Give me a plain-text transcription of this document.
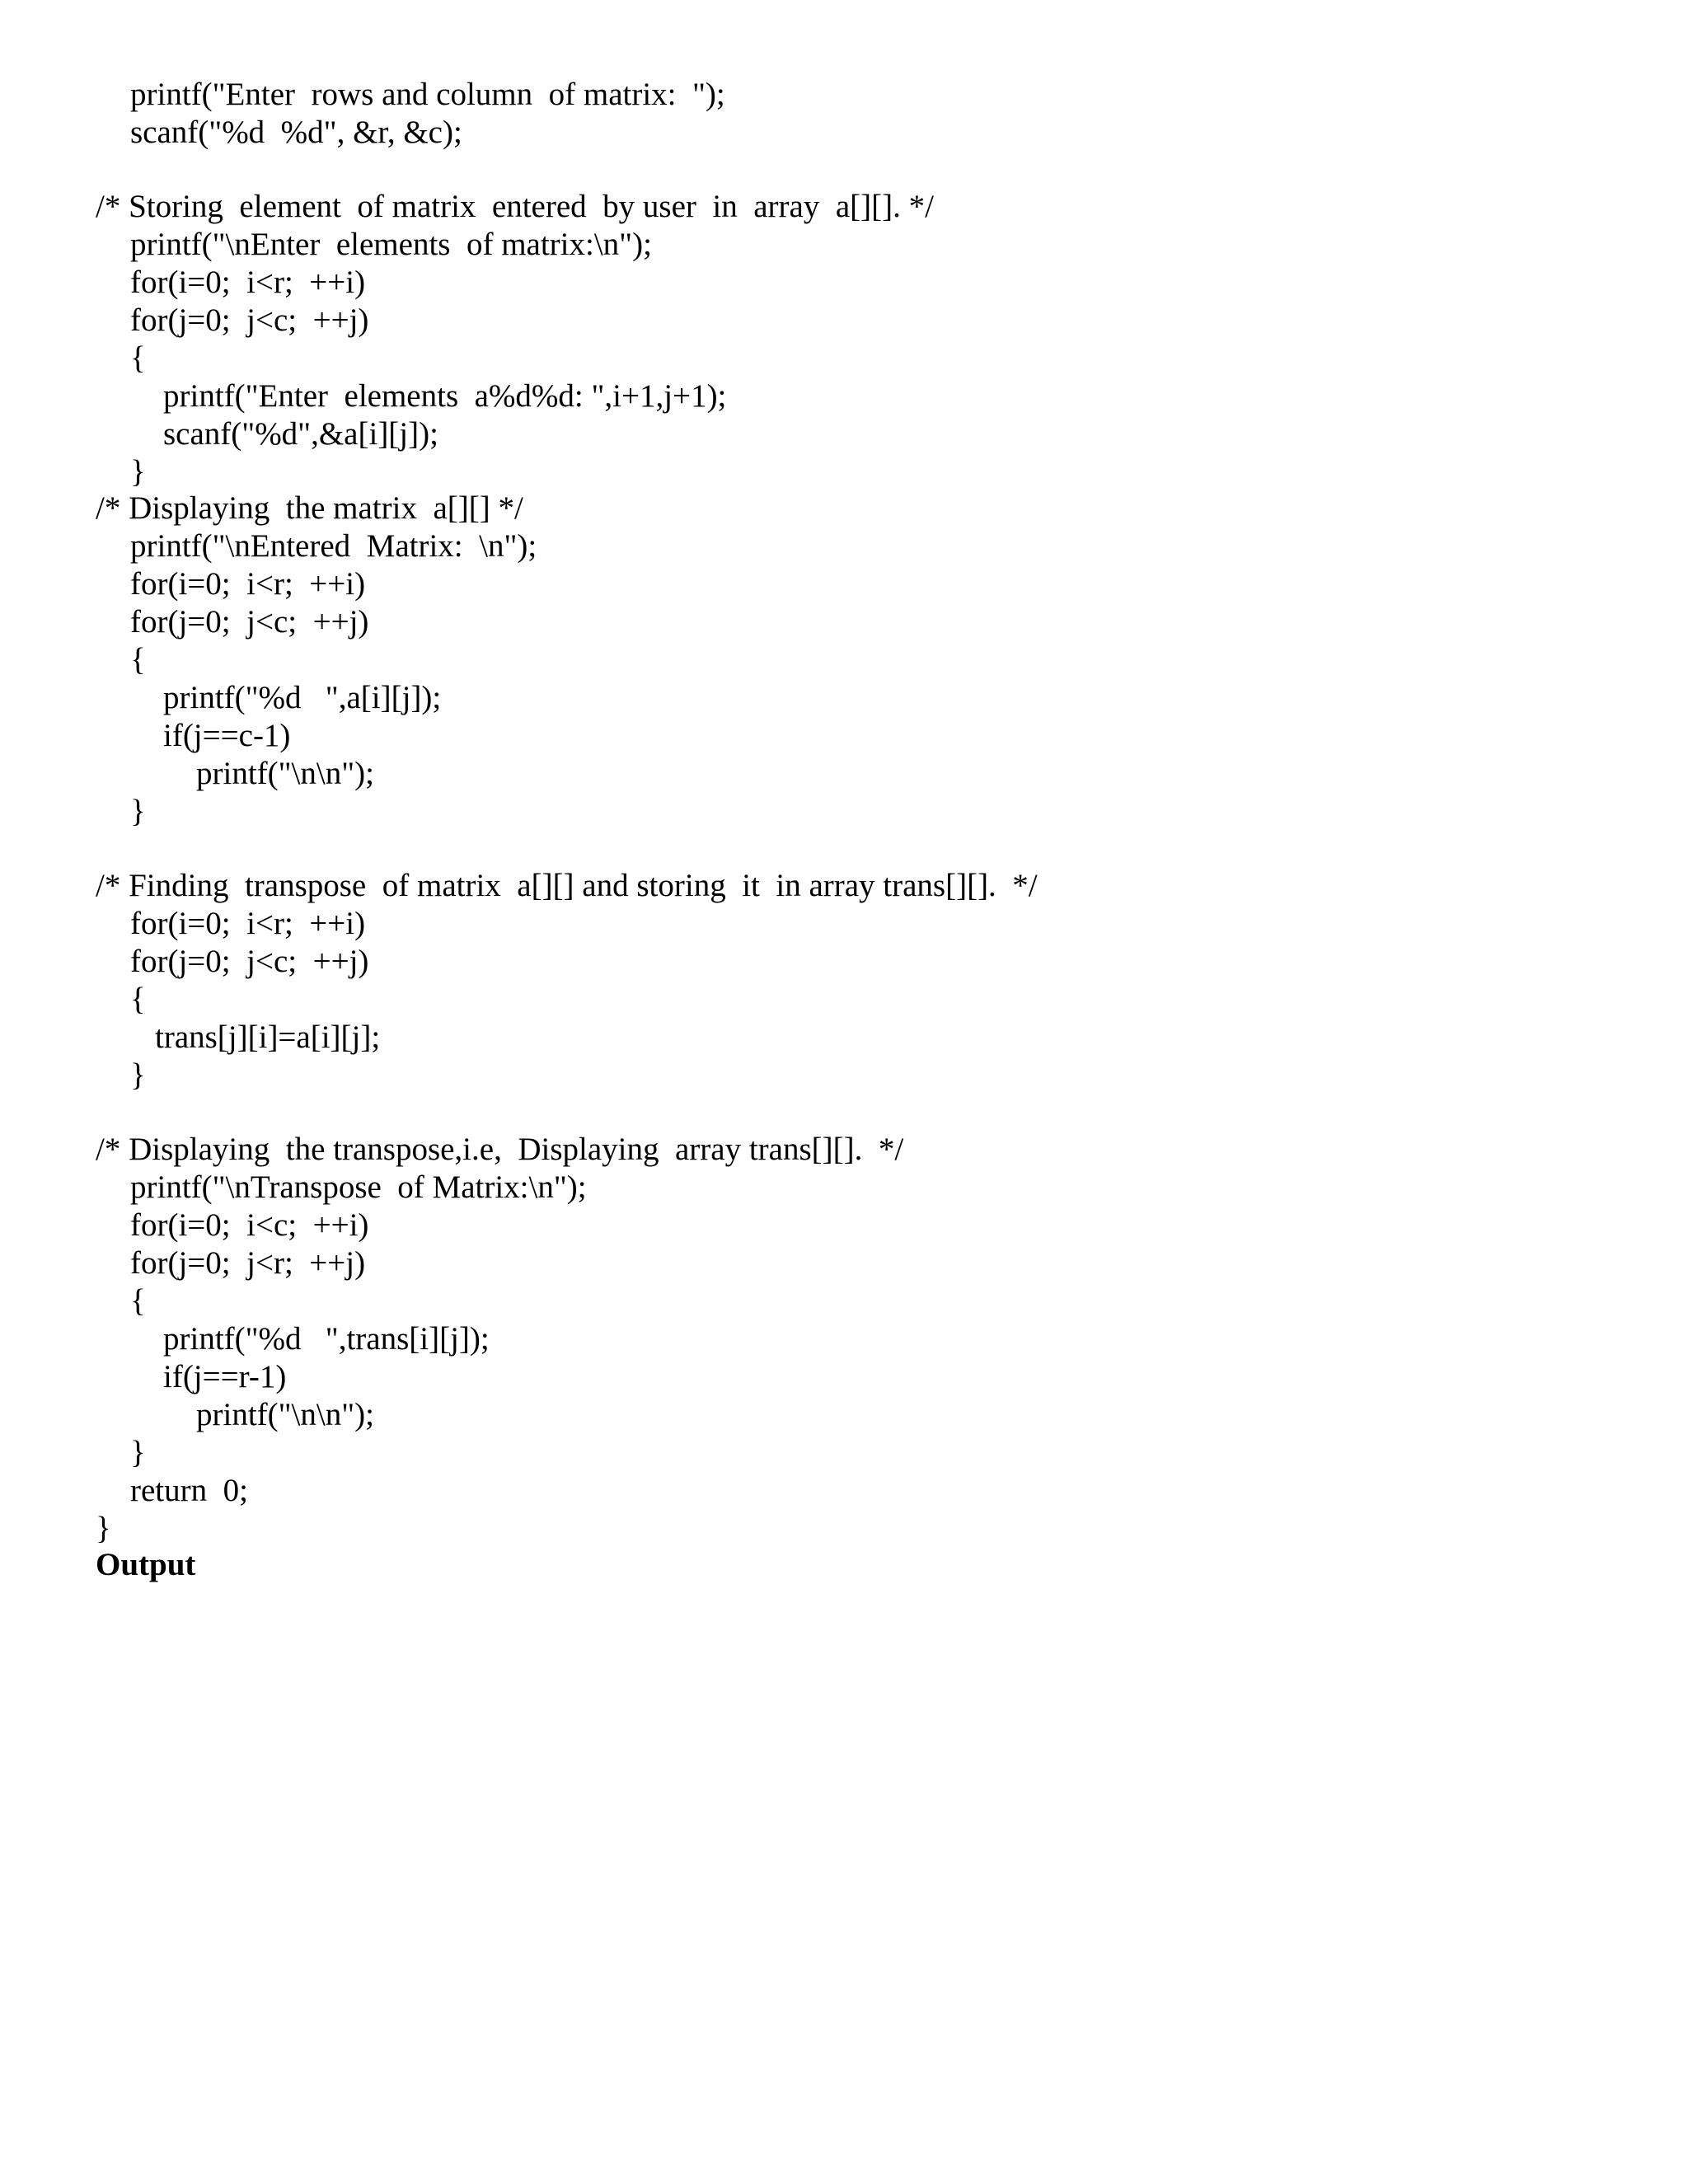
printf("Enter  rows and column  of matrix:  ");
scanf("%d  %d", &r, &c);
/* Storing  element  of matrix  entered  by user  in  array  a[][]. */
printf("\nEnter  elements  of matrix:\n");
for(i=0;  i<r;  ++i)
for(j=0;  j<c;  ++j)
{
printf("Enter  elements  a%d%d: ",i+1,j+1);
scanf("%d",&a[i][j]);
}
/* Displaying  the matrix  a[][] */
printf("\nEntered  Matrix:  \n");
for(i=0;  i<r;  ++i)
for(j=0;  j<c;  ++j)
{
printf("%d   ",a[i][j]);
if(j==c-1)
printf("\n\n");
}
/* Finding  transpose  of matrix  a[][] and storing  it  in array trans[][].  */
for(i=0;  i<r;  ++i)
for(j=0;  j<c;  ++j)
{
trans[j][i]=a[i][j];
}
/* Displaying  the transpose,i.e,  Displaying  array trans[][].  */
printf("\nTranspose  of Matrix:\n");
for(i=0;  i<c;  ++i)
for(j=0;  j<r;  ++j)
{
printf("%d   ",trans[i][j]);
if(j==r-1)
printf("\n\n");
}
return  0;
}
Output
